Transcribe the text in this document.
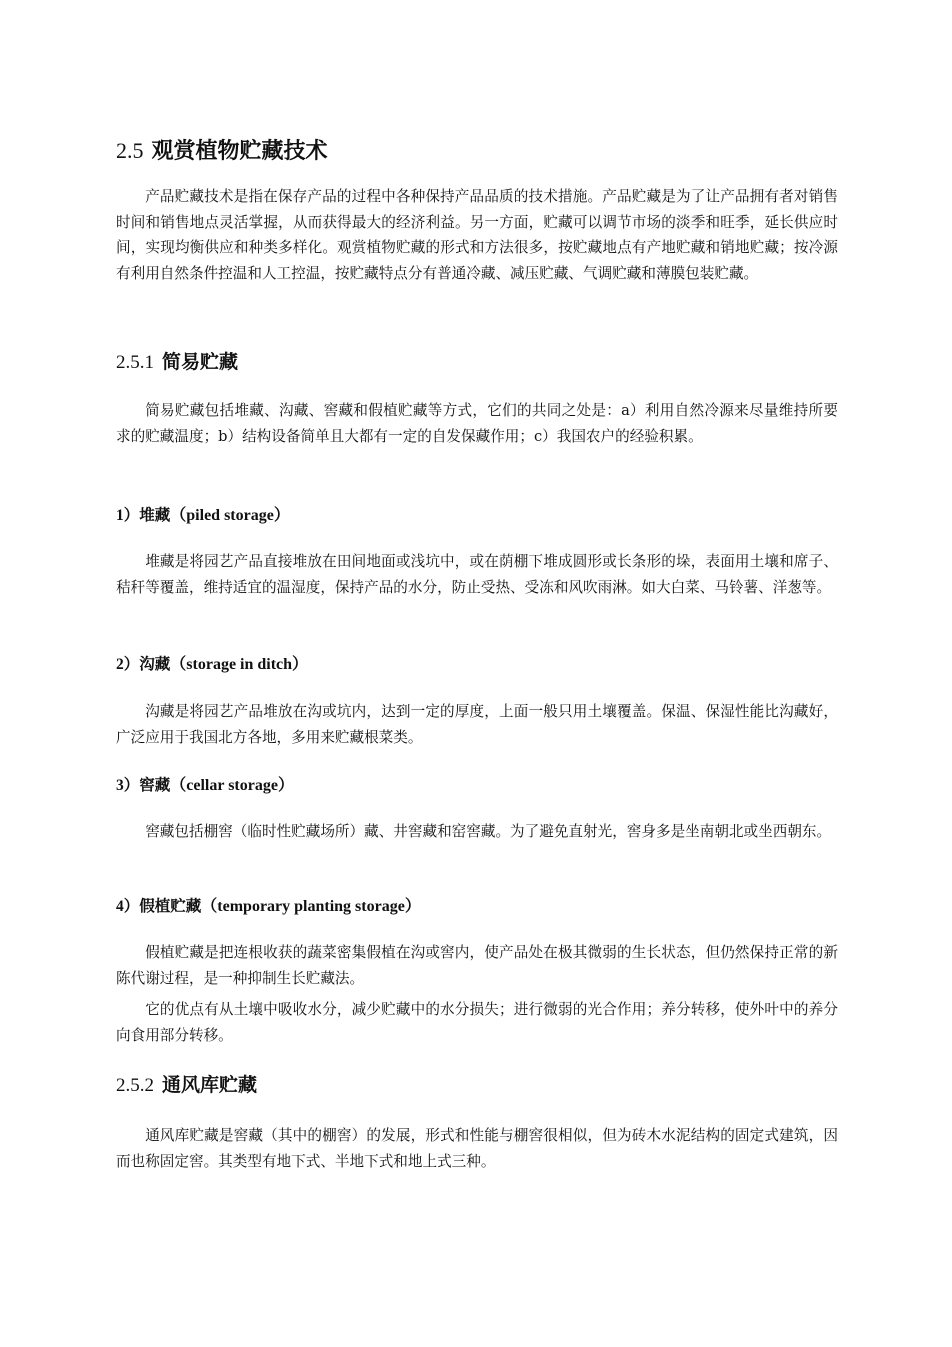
2.5 观赏植物贮藏技术

产品贮藏技术是指在保存产品的过程中各种保持产品品质的技术措施。产品贮藏是为了让产品拥有者对销售时间和销售地点灵活掌握，从而获得最大的经济利益。另一方面，贮藏可以调节市场的淡季和旺季，延长供应时间，实现均衡供应和种类多样化。观赏植物贮藏的形式和方法很多，按贮藏地点有产地贮藏和销地贮藏；按冷源有利用自然条件控温和人工控温，按贮藏特点分有普通冷藏、减压贮藏、气调贮藏和薄膜包装贮藏。

2.5.1 简易贮藏

简易贮藏包括堆藏、沟藏、窖藏和假植贮藏等方式，它们的共同之处是：a）利用自然冷源来尽量维持所要求的贮藏温度；b）结构设备简单且大都有一定的自发保藏作用；c）我国农户的经验积累。

1）堆藏（piled storage）

堆藏是将园艺产品直接堆放在田间地面或浅坑中，或在荫棚下堆成圆形或长条形的垛，表面用土壤和席子、秸秆等覆盖，维持适宜的温湿度，保持产品的水分，防止受热、受冻和风吹雨淋。如大白菜、马铃薯、洋葱等。

2）沟藏（storage in ditch）

沟藏是将园艺产品堆放在沟或坑内，达到一定的厚度，上面一般只用土壤覆盖。保温、保湿性能比沟藏好，广泛应用于我国北方各地，多用来贮藏根菜类。

3）窖藏（cellar storage）

窖藏包括棚窖（临时性贮藏场所）藏、井窖藏和窑窖藏。为了避免直射光，窖身多是坐南朝北或坐西朝东。

4）假植贮藏（temporary planting storage）

假植贮藏是把连根收获的蔬菜密集假植在沟或窖内，使产品处在极其微弱的生长状态，但仍然保持正常的新陈代谢过程，是一种抑制生长贮藏法。

它的优点有从土壤中吸收水分，减少贮藏中的水分损失；进行微弱的光合作用；养分转移，使外叶中的养分向食用部分转移。

2.5.2 通风库贮藏

通风库贮藏是窖藏（其中的棚窖）的发展，形式和性能与棚窖很相似，但为砖木水泥结构的固定式建筑，因而也称固定窖。其类型有地下式、半地下式和地上式三种。
